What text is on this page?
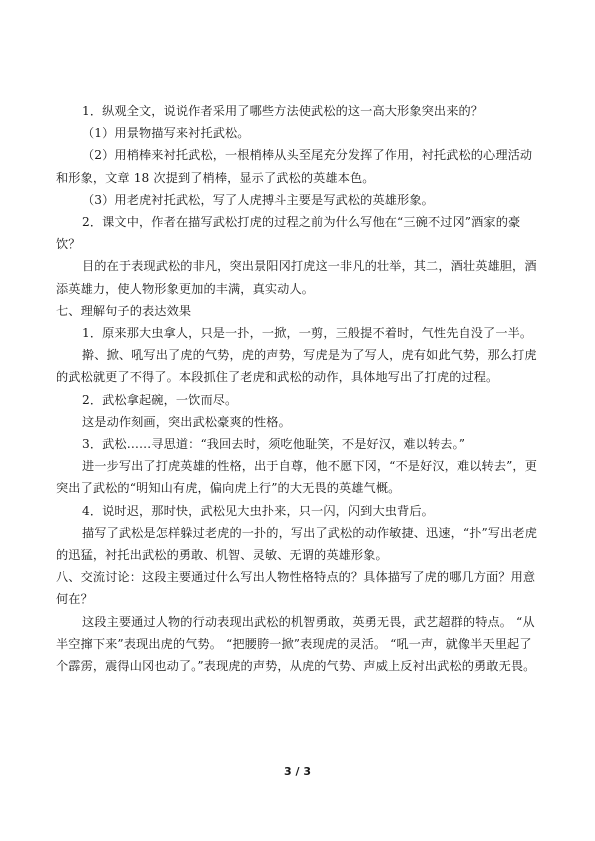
1．纵观全文，说说作者采用了哪些方法使武松的这一高大形象突出来的？

（1）用景物描写来衬托武松。

（2）用梢棒来衬托武松，一根梢棒从头至尾充分发挥了作用，衬托武松的心理活动和形象，文章 18 次提到了梢棒，显示了武松的英雄本色。

（3）用老虎衬托武松，写了人虎搏斗主要是写武松的英雄形象。

2．课文中，作者在描写武松打虎的过程之前为什么写他在“三碗不过冈”酒家的豪饮？

目的在于表现武松的非凡，突出景阳冈打虎这一非凡的壮举，其二，酒壮英雄胆，酒添英雄力，使人物形象更加的丰满，真实动人。

七、理解句子的表达效果

1．原来那大虫拿人，只是一扑，一掀，一剪，三般提不着时，气性先自没了一半。

擀、掀、吼写出了虎的气势，虎的声势，写虎是为了写人，虎有如此气势，那么打虎的武松就更了不得了。本段抓住了老虎和武松的动作，具体地写出了打虎的过程。

2．武松拿起碗，一饮而尽。

这是动作刻画，突出武松豪爽的性格。

3．武松……寻思道：“我回去时，须吃他耻笑，不是好汉，难以转去。”

进一步写出了打虎英雄的性格，出于自尊，他不愿下冈，“不是好汉，难以转去”，更突出了武松的“明知山有虎，偏向虎上行”的大无畏的英雄气概。

4．说时迟，那时快，武松见大虫扑来，只一闪，闪到大虫背后。

描写了武松是怎样躲过老虎的一扑的，写出了武松的动作敏捷、迅速，“扑”写出老虎的迅猛，衬托出武松的勇敢、机智、灵敏、无谓的英雄形象。

八、交流讨论：这段主要通过什么写出人物性格特点的？具体描写了虎的哪几方面？用意何在？

这段主要通过人物的行动表现出武松的机智勇敢，英勇无畏，武艺超群的特点。 “从半空撺下来”表现出虎的气势。 “把腰胯一掀”表现虎的灵活。 “吼一声，就像半天里起了个霹雳，震得山冈也动了。”表现虎的声势，从虎的气势、声威上反衬出武松的勇敢无畏。

3 / 3
